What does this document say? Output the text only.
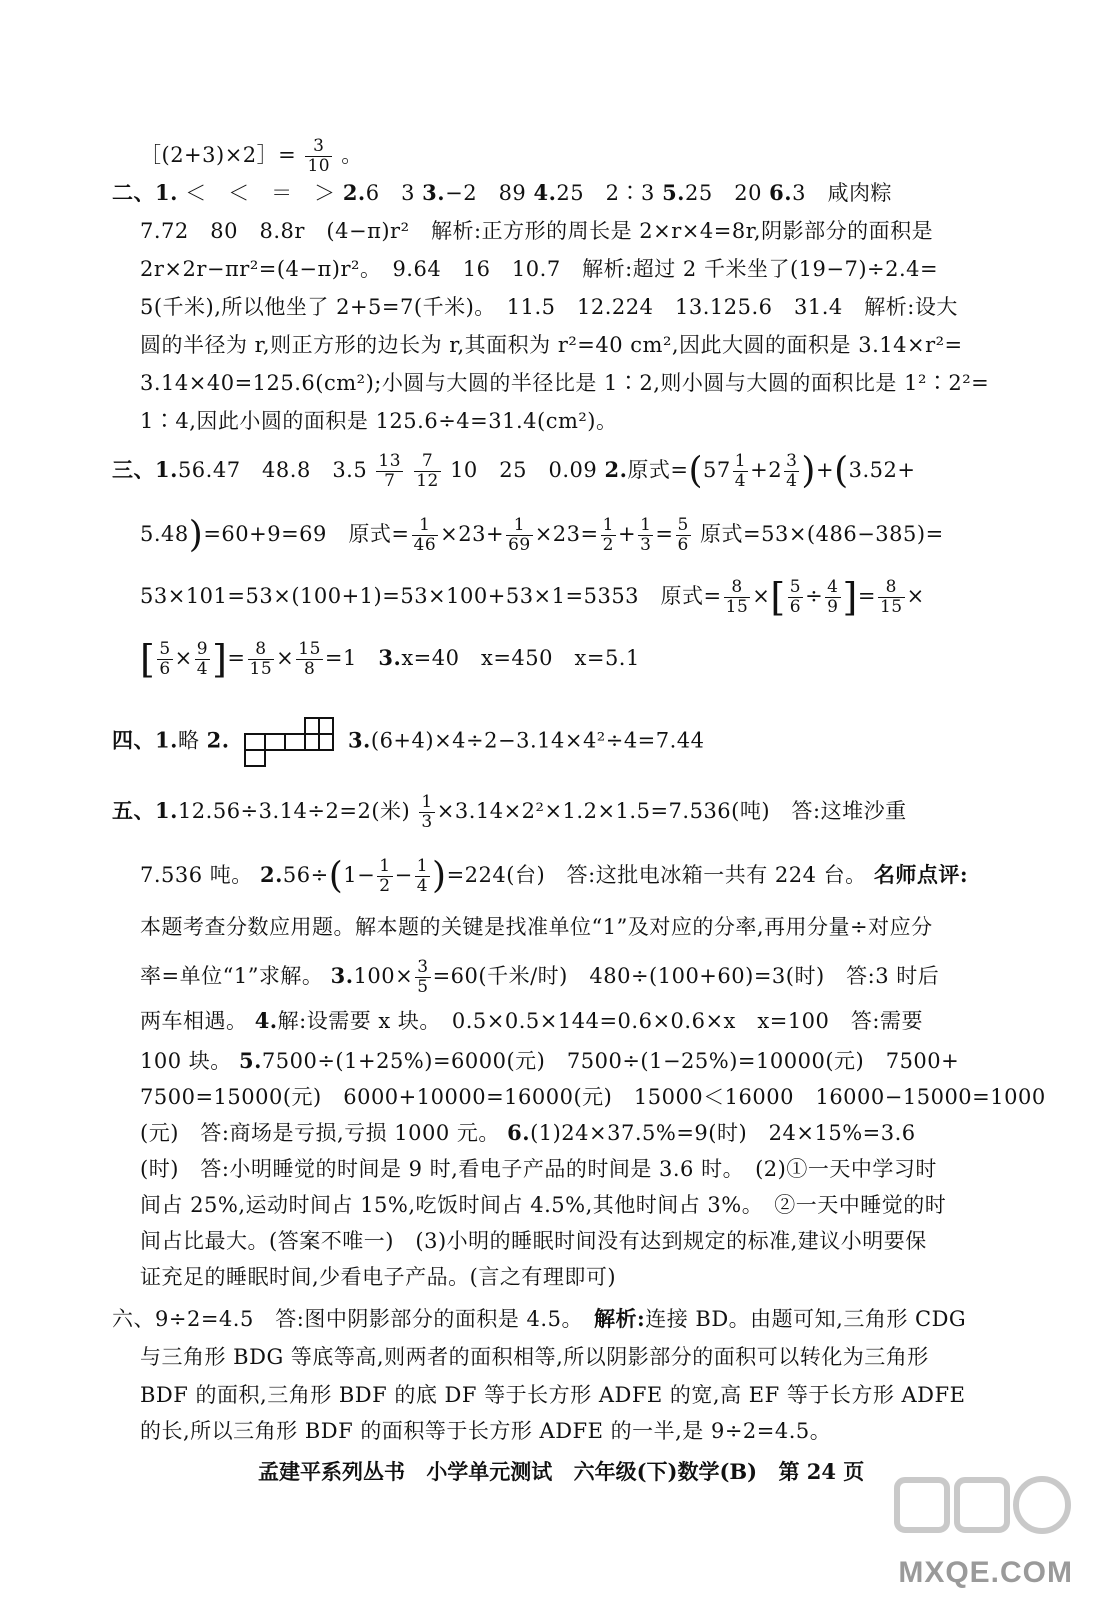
［(2+3)×2］= $\frac{3}{10}$ 。
二、1. ＜　＜　＝　＞ 2.6　3 3.−2　89 4.25　2∶3 5.25　20 6.3　咸肉粽
7.72　80　8.8r　(4−π)r²　解析:正方形的周长是 2×r×4=8r,阴影部分的面积是
2r×2r−πr²=(4−π)r²。　9.64　16　10.7　解析:超过 2 千米坐了(19−7)÷2.4=
5(千米),所以他坐了 2+5=7(千米)。　11.5　12.224　13.125.6　31.4　解析:设大
圆的半径为 r,则正方形的边长为 r,其面积为 r²=40 cm²,因此大圆的面积是 3.14×r²=
3.14×40=125.6(cm²);小圆与大圆的半径比是 1∶2,则小圆与大圆的面积比是 1²∶2²=
1∶4,因此小圆的面积是 125.6÷4=31.4(cm²)。
三、1.56.47　48.8　$3.5 \frac{13}{7}$
$\frac{7}{12} 10$　25　0.09 2.原式$=(57 \frac{1}{4} +2 \frac{3}{4} )+(3.52+$
5.48)=60+9=69　原式= $\frac{1}{46} \times 23+ \frac{1}{69} \times 23= \frac{1}{2} + \frac{1}{3} = \frac{5}{6}$ 原式=53×(486−385)=
53×101=53×(100+1)=53×100+53×1=5353　原式= $\frac{8}{15}$ ×[ $\frac{5}{6} \div \frac{4}{9}$ ]= $\frac{8}{15}$ ×
[ $\frac{5}{6} \times \frac{9}{4}$ ]= $\frac{8}{15} \times \frac{15}{8} =1$　3.x=40　x=450　x=5.1
四、1.略 2.	3.(6+4)×4÷2−3.14×4²÷4=7.44
五、1.12.56÷3.14÷2=2(米) $\frac{1}{3} \times 3.14\times 2^2\times 1.2\times 1.5=7.536$(吨)　答:这堆沙重
7.536 吨。 $2.56\div(1- \frac{1}{2} - \frac{1}{4} )=224$(台)　答:这批电冰箱一共有 224 台。 名师点评:
本题考查分数应用题。解本题的关键是找准单位“1”及对应的分率,再用分量÷对应分
率=单位“1”求解。 $3.100\times \frac{3}{5} =60$(千米/时)　480÷(100+60)=3(时)　答:3 时后
两车相遇。 4.解:设需要 x 块。　0.5×0.5×144=0.6×0.6×x　x=100　答:需要
100 块。 5.7500÷(1+25%)=6000(元)　7500÷(1−25%)=10000(元)　7500+
7500=15000(元)　6000+10000=16000(元)　15000＜16000　16000−15000=1000
(元)　答:商场是亏损,亏损 1000 元。 6.(1)24×37.5%=9(时)　24×15%=3.6
(时)　答:小明睡觉的时间是 9 时,看电子产品的时间是 3.6 时。　(2)①一天中学习时
间占 25%,运动时间占 15%,吃饭时间占 4.5%,其他时间占 3%。　②一天中睡觉的时
间占比最大。(答案不唯一)　(3)小明的睡眠时间没有达到规定的标准,建议小明要保
证充足的睡眠时间,少看电子产品。(言之有理即可)
六、9÷2=4.5　答:图中阴影部分的面积是 4.5。　解析:连接 BD。由题可知,三角形 CDG
与三角形 BDG 等底等高,则两者的面积相等,所以阴影部分的面积可以转化为三角形
BDF 的面积,三角形 BDF 的底 DF 等于长方形 ADFE 的宽,高 EF 等于长方形 ADFE
的长,所以三角形 BDF 的面积等于长方形 ADFE 的一半,是 9÷2=4.5。
孟建平系列丛书 小学单元测试 六年级(下)数学(B) 第 24 页
MXQE.COM
